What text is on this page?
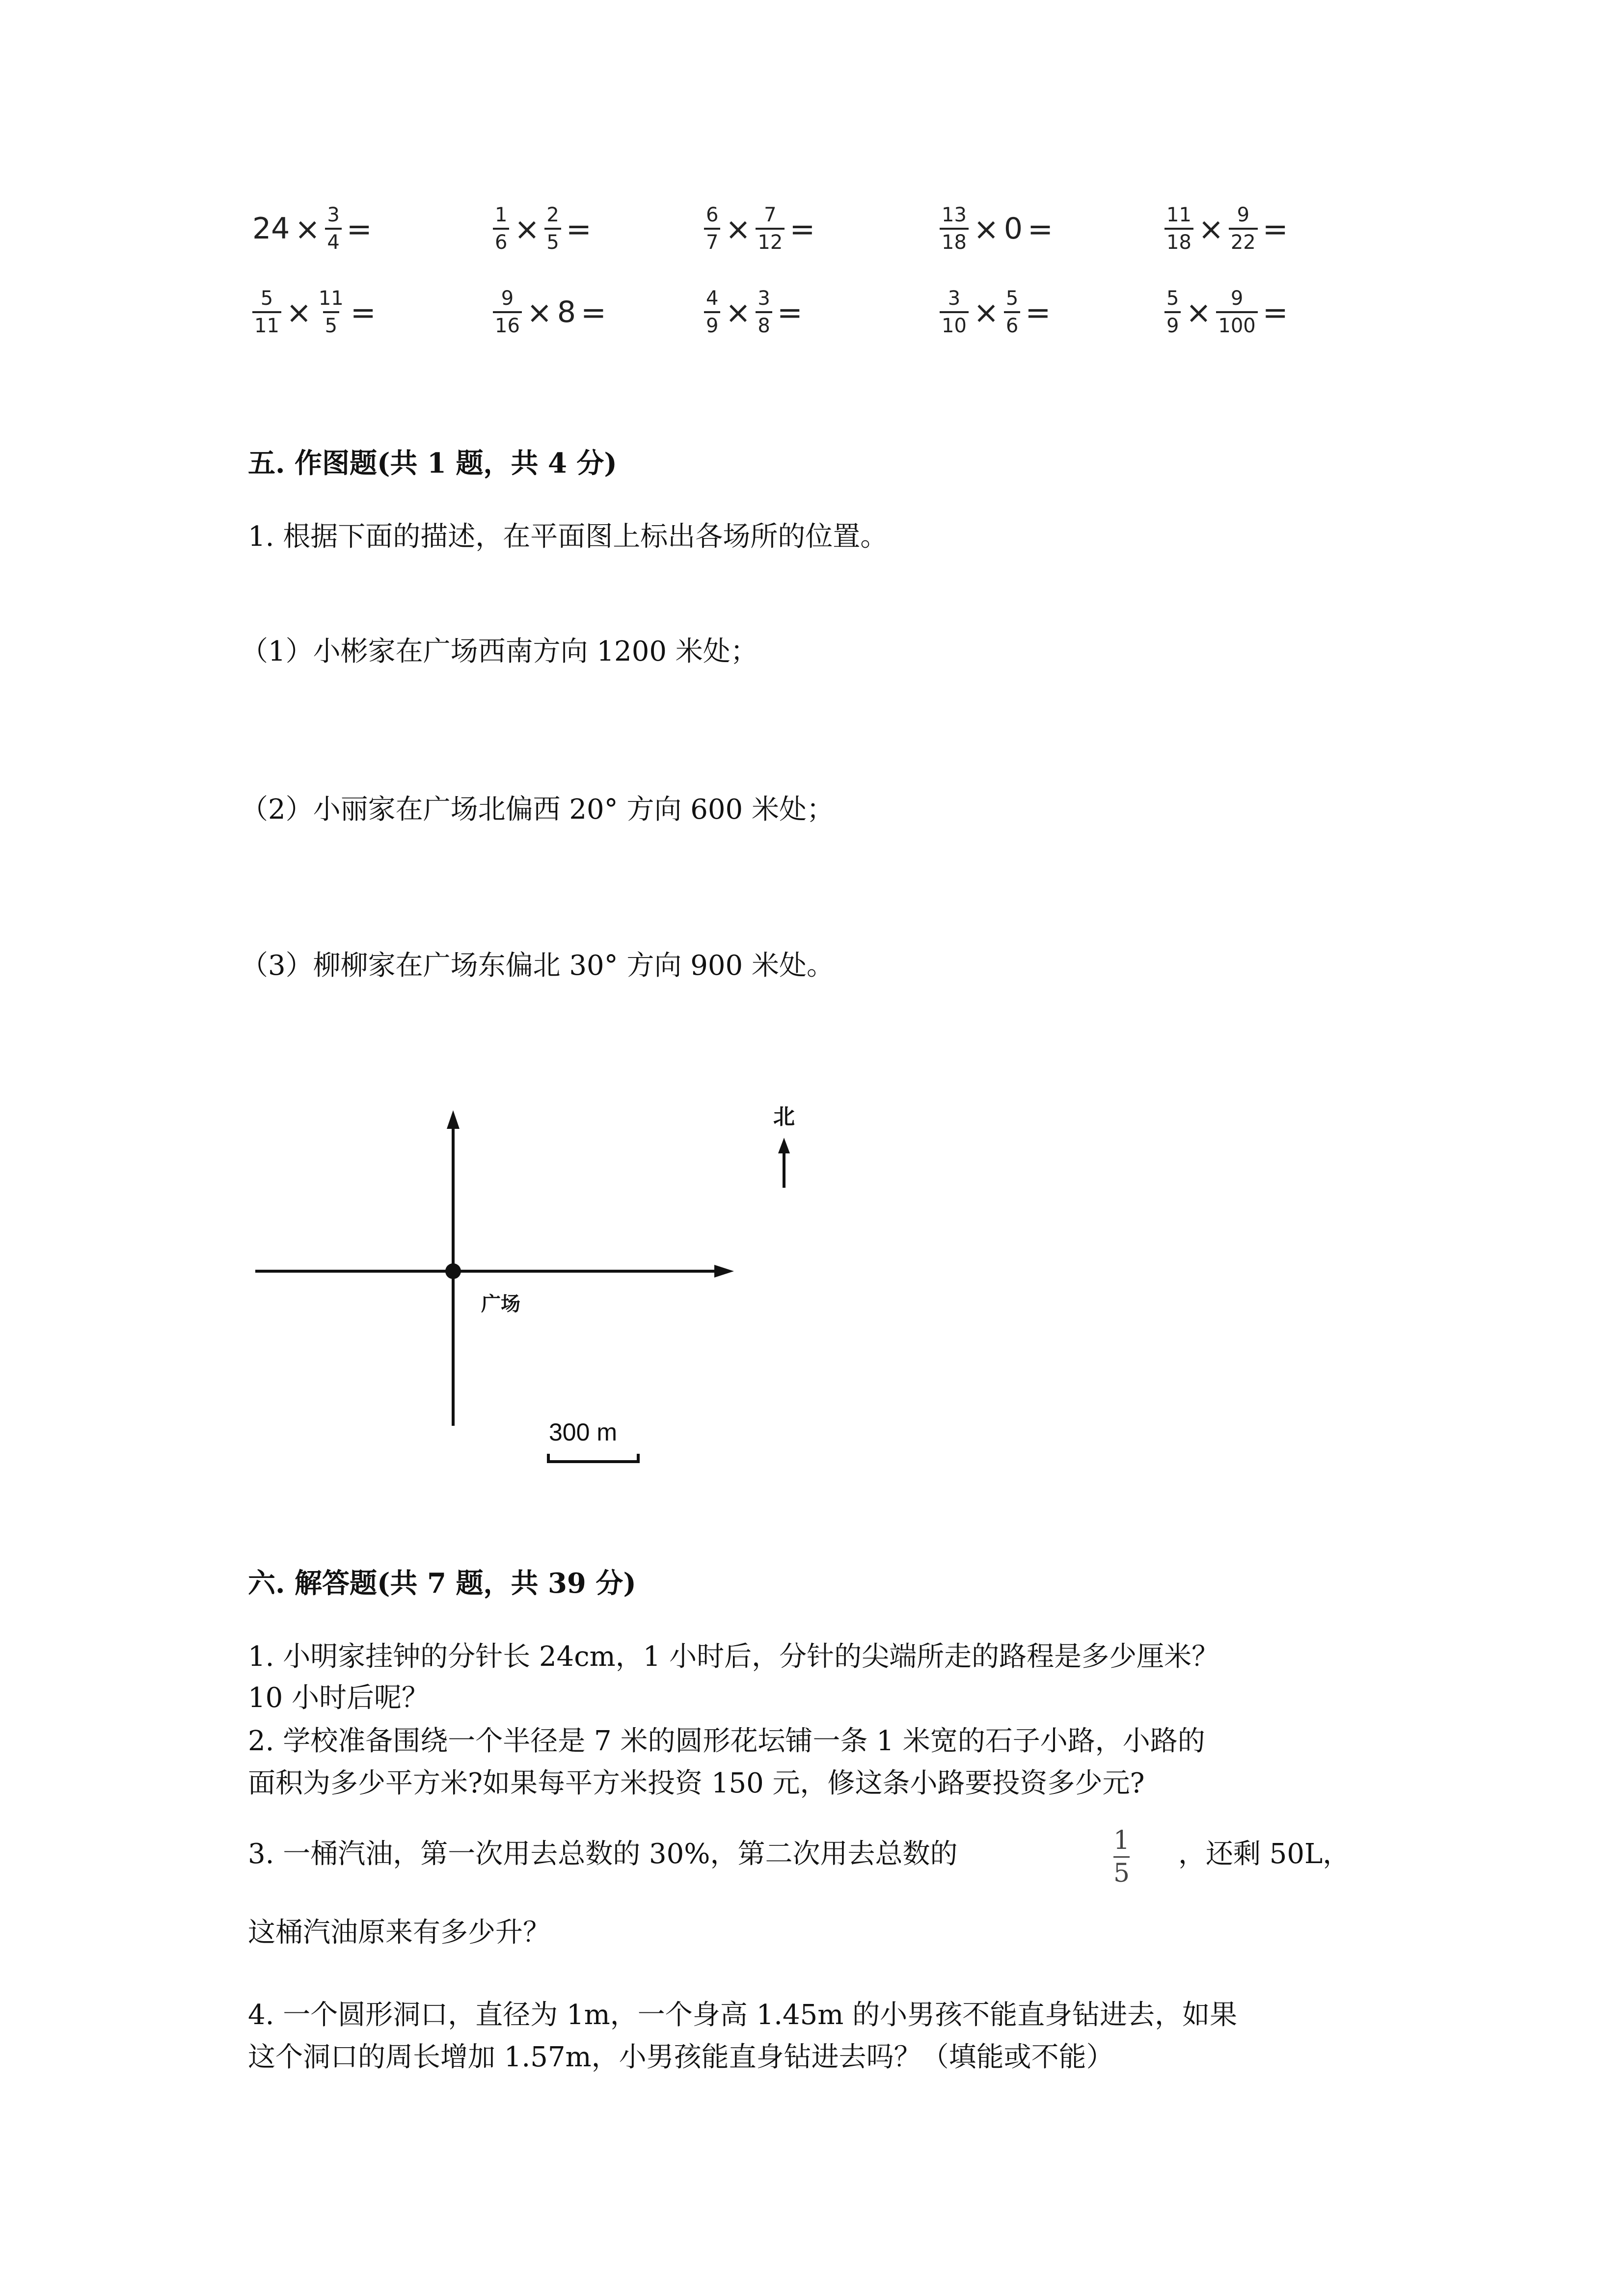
$24 \times \frac{3}{4}$ =	$\frac{1}{6} \times \frac{2}{5}$ =	$\frac{6}{7} \times \frac{7}{12}$ =	$\frac{13}{18} \times 0$ =	$\frac{11}{18} \times \frac{9}{22}$ =
$\frac{5}{11} \times \frac{11}{5}$ =	$\frac{9}{16} \times 8$ =	$\frac{4}{9} \times \frac{3}{8}$ =	$\frac{3}{10} \times \frac{5}{6}$ =	$\frac{5}{9} \times \frac{9}{100}$ =
五. 作图题(共 1 题，共 4 分)
1. 根据下面的描述，在平面图上标出各场所的位置。
（1）小彬家在广场西南方向 1200 米处；
（2）小丽家在广场北偏西 20° 方向 600 米处；
（3）柳柳家在广场东偏北 30° 方向 900 米处。
北
广场
300 m
六. 解答题(共 7 题，共 39 分)
1. 小明家挂钟的分针长 24cm，1 小时后，分针的尖端所走的路程是多少厘米？
10 小时后呢？
2. 学校准备围绕一个半径是 7 米的圆形花坛铺一条 1 米宽的石子小路，小路的
面积为多少平方米?如果每平方米投资 150 元，修这条小路要投资多少元?
3. 一桶汽油，第一次用去总数的 30%，第二次用去总数的	$\frac{1}{5}$ ，还剩 50L，
这桶汽油原来有多少升？
4. 一个圆形洞口，直径为 1m，一个身高 1.45m 的小男孩不能直身钻进去，如果
这个洞口的周长增加 1.57m，小男孩能直身钻进去吗？（填能或不能）
